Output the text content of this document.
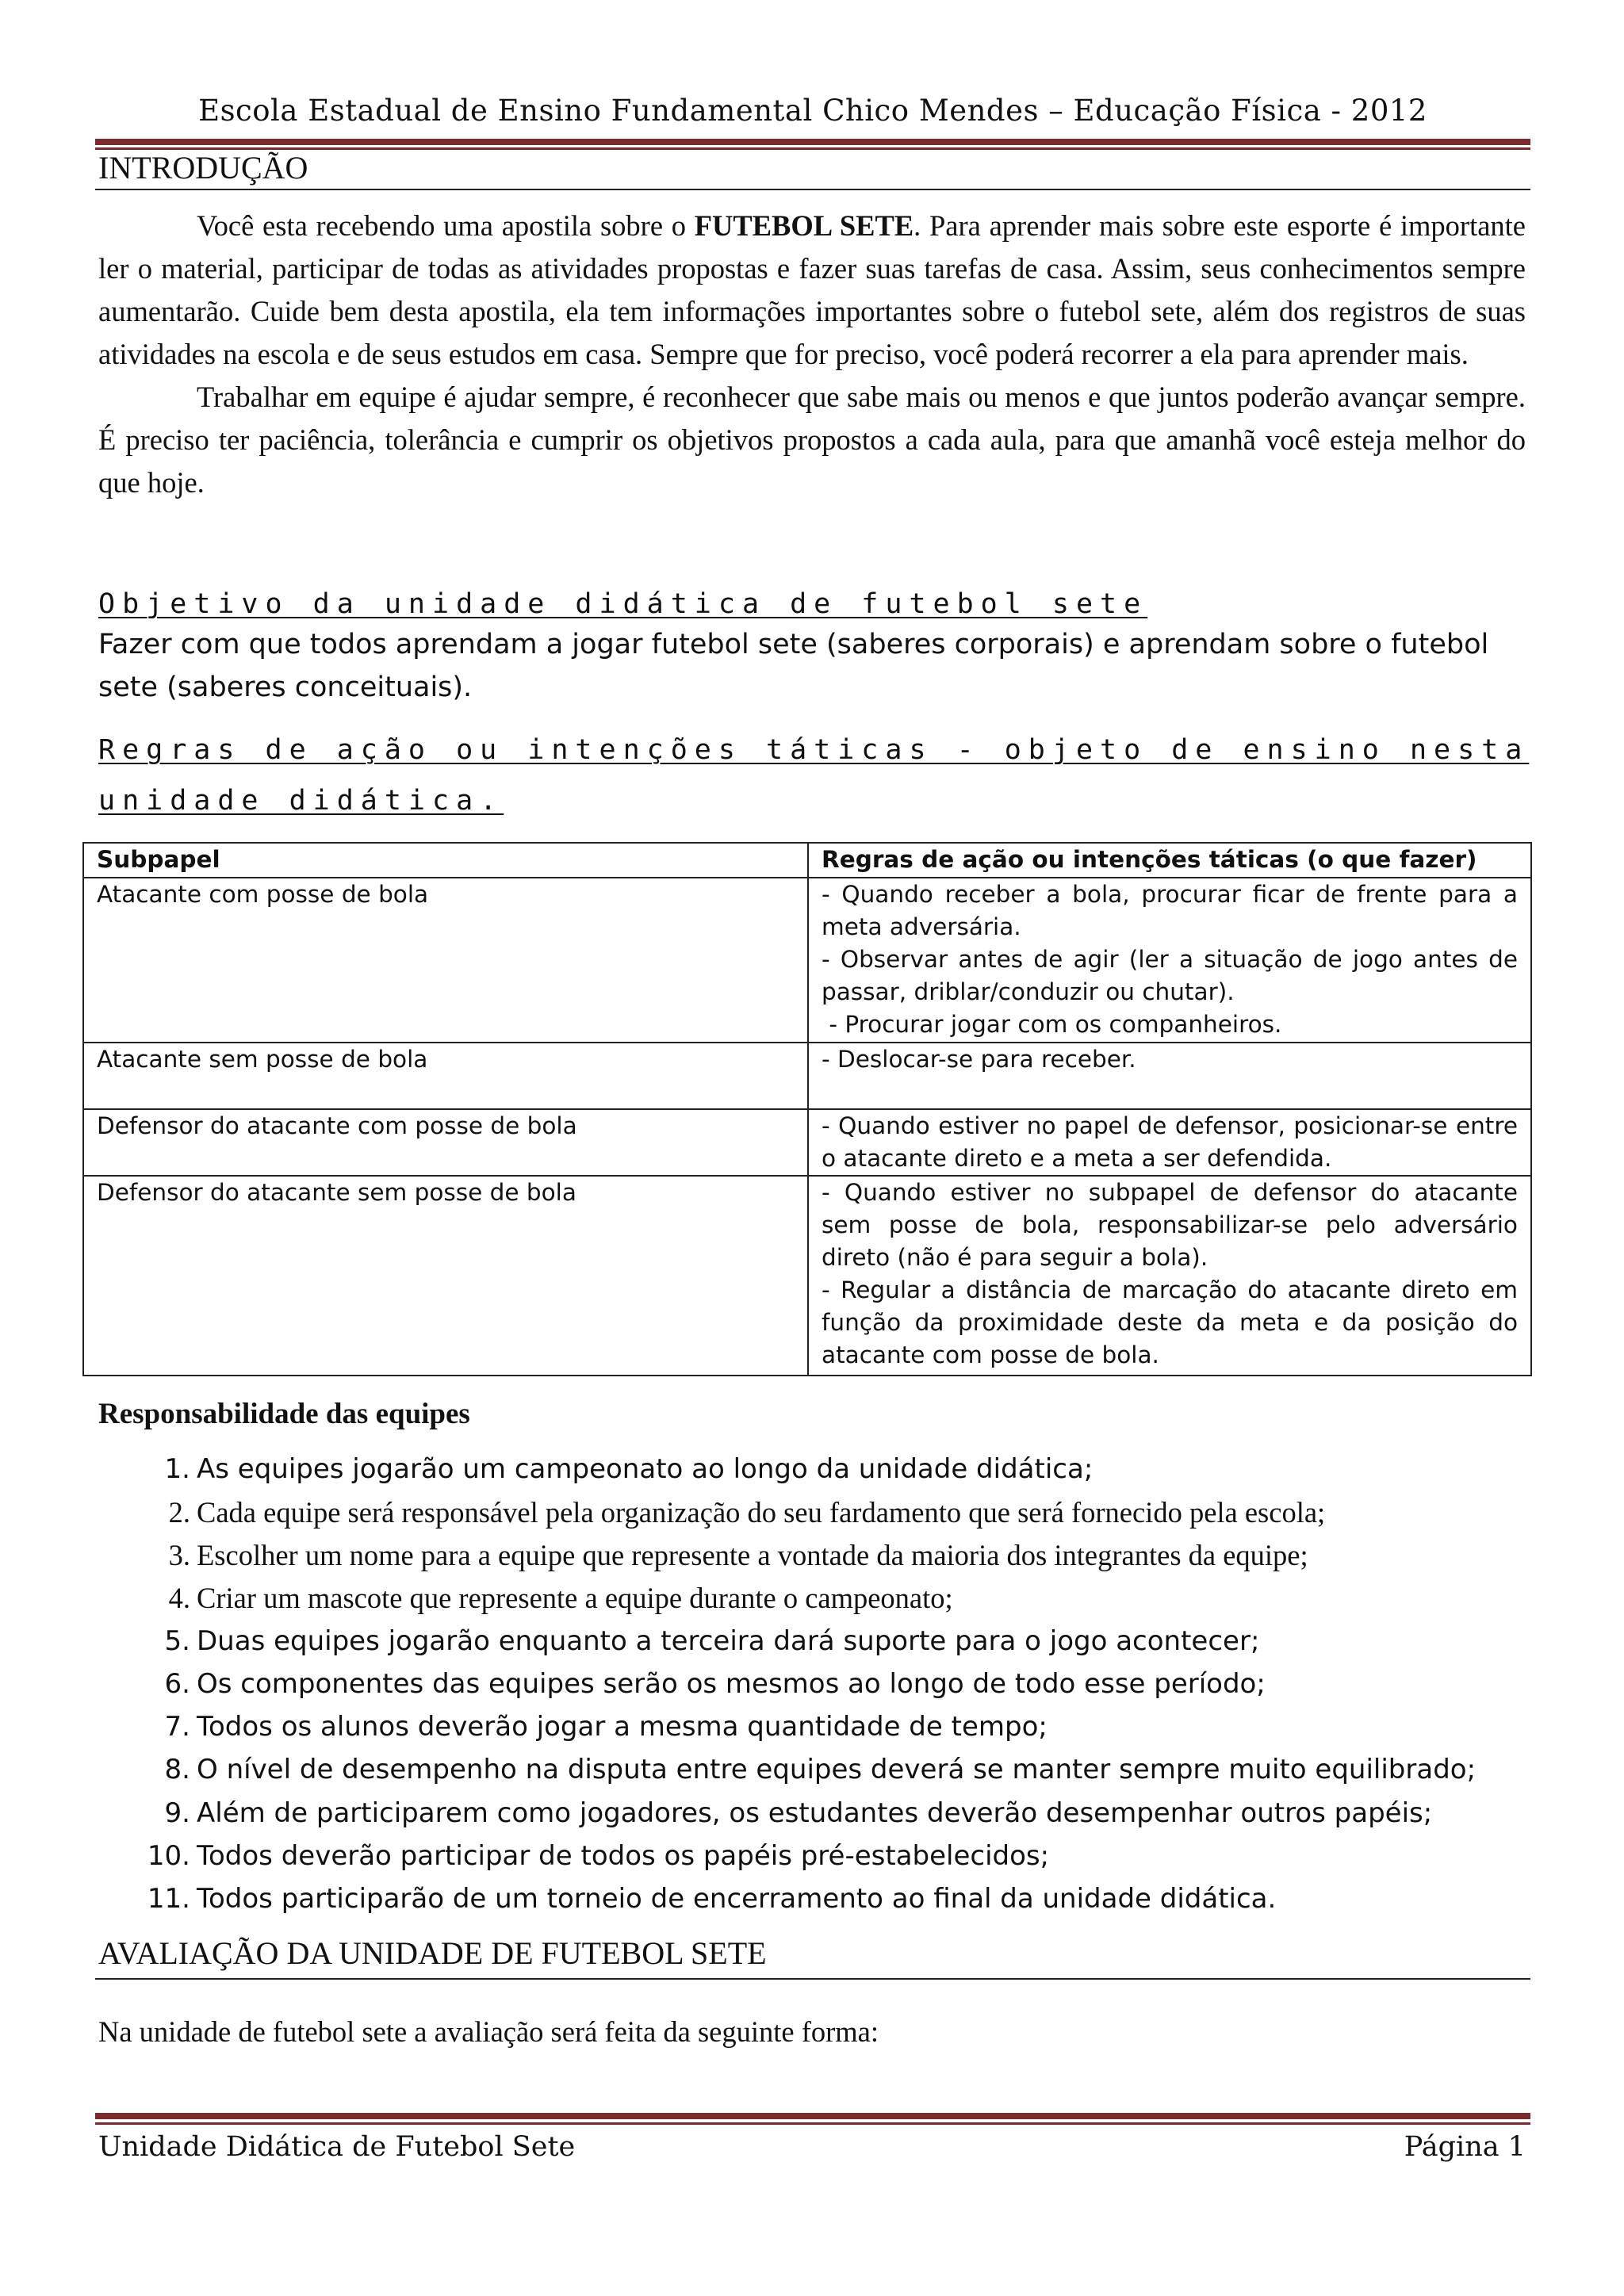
Escola Estadual de Ensino Fundamental Chico Mendes – Educação Física - 2012
INTRODUÇÃO

Você esta recebendo uma apostila sobre o FUTEBOL SETE. Para aprender mais sobre este esporte é importante ler o material, participar de todas as atividades propostas e fazer suas tarefas de casa. Assim, seus conhecimentos sempre aumentarão. Cuide bem desta apostila, ela tem informações importantes sobre o futebol sete, além dos registros de suas atividades na escola e de seus estudos em casa. Sempre que for preciso, você poderá recorrer a ela para aprender mais.

Trabalhar em equipe é ajudar sempre, é reconhecer que sabe mais ou menos e que juntos poderão avançar sempre. É preciso ter paciência, tolerância e cumprir os objetivos propostos a cada aula, para que amanhã você esteja melhor do que hoje.

Objetivo da unidade didática de futebol sete
Fazer com que todos aprendam a jogar futebol sete (saberes corporais) e aprendam sobre o futebol sete (saberes conceituais).
Regras de ação ou intenções táticas - objeto de ensino nesta
unidade didática.
Subpapel	Regras de ação ou intenções táticas (o que fazer)
Atacante com posse de bola	- Quando receber a bola, procurar ficar de frente para a meta adversária.
- Observar antes de agir (ler a situação de jogo antes de passar, driblar/conduzir ou chutar).
- Procurar jogar com os companheiros.

Atacante sem posse de bola	- Deslocar-se para receber.

Defensor do atacante com posse de bola	- Quando estiver no papel de defensor, posicionar-se entre o atacante direto e a meta a ser defendida.

Defensor do atacante sem posse de bola	- Quando estiver no subpapel de defensor do atacante sem posse de bola, responsabilizar-se pelo adversário direto (não é para seguir a bola).
- Regular a distância de marcação do atacante direto em função da proximidade deste da meta e da posição do atacante com posse de bola.
Responsabilidade das equipes
1. As equipes jogarão um campeonato ao longo da unidade didática;
2. Cada equipe será responsável pela organização do seu fardamento que será fornecido pela escola;
3. Escolher um nome para a equipe que represente a vontade da maioria dos integrantes da equipe;
4. Criar um mascote que represente a equipe durante o campeonato;
5. Duas equipes jogarão enquanto a terceira dará suporte para o jogo acontecer;
6. Os componentes das equipes serão os mesmos ao longo de todo esse período;
7. Todos os alunos deverão jogar a mesma quantidade de tempo;
8. O nível de desempenho na disputa entre equipes deverá se manter sempre muito equilibrado;
9. Além de participarem como jogadores, os estudantes deverão desempenhar outros papéis;
10. Todos deverão participar de todos os papéis pré-estabelecidos;
11. Todos participarão de um torneio de encerramento ao final da unidade didática.
AVALIAÇÃO DA UNIDADE DE FUTEBOL SETE
Na unidade de futebol sete a avaliação será feita da seguinte forma:
Unidade Didática de Futebol Sete	Página 1
